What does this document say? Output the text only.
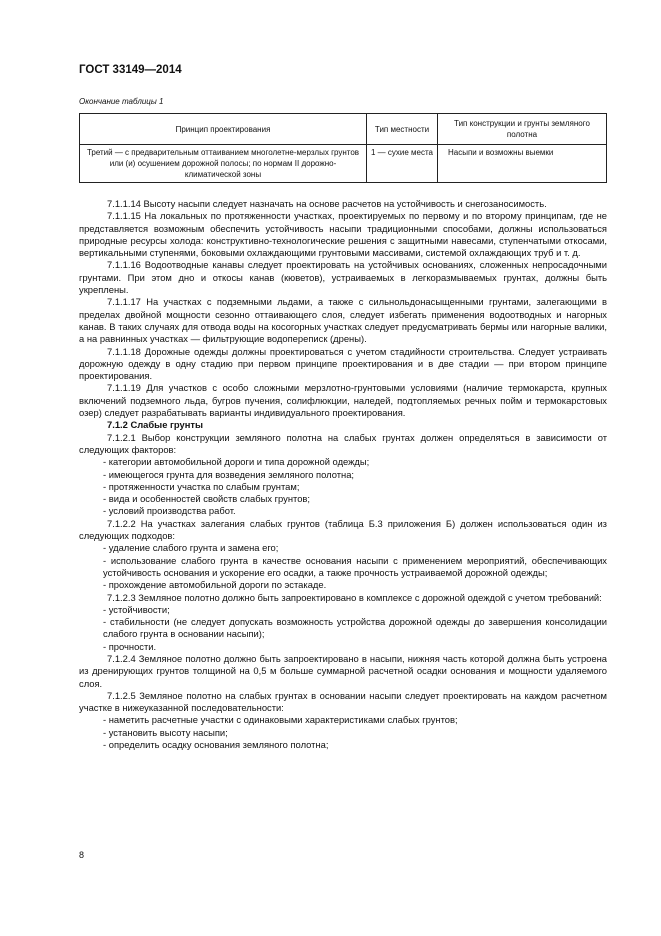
ГОСТ 33149—2014

Окончание таблицы 1

Принцип проектирования	Тип местности	Тип конструкции и грунты земляного полотна
Третий — с предварительным оттаиванием многолетне-мерзлых грунтов или (и) осушением дорожной полосы; по нормам II дорожно-климатической зоны	1 — сухие места	Насыпи и возможны выемки

7.1.1.14 Высоту насыпи следует назначать на основе расчетов на устойчивость и снегозаносимость.

7.1.1.15 На локальных по протяженности участках, проектируемых по первому и по второму принципам, где не представляется возможным обеспечить устойчивость насыпи традиционными способами, должны использоваться природные ресурсы холода: конструктивно-технологические решения с защитными навесами, ступенчатыми откосами, вертикальными ступенями, боковыми охлаждающими грунтовыми массивами, системой охлаждающих труб и т. д.

7.1.1.16 Водоотводные канавы следует проектировать на устойчивых основаниях, сложенных непросадочными грунтами. При этом дно и откосы канав (кюветов), устраиваемых в легкоразмываемых грунтах, должны быть укреплены.

7.1.1.17 На участках с подземными льдами, а также с сильнольдонасыщенными грунтами, залегающими в пределах двойной мощности сезонно оттаивающего слоя, следует избегать применения водоотводных и нагорных канав. В таких случаях для отвода воды на косогорных участках следует предусматривать бермы или нагорные валики, а на равнинных участках — фильтрующие водопереписк (дрены).

7.1.1.18 Дорожные одежды должны проектироваться с учетом стадийности строительства. Следует устраивать дорожную одежду в одну стадию при первом принципе проектирования и в две стадии — при втором принципе проектирования.

7.1.1.19 Для участков с особо сложными мерзлотно-грунтовыми условиями (наличие термокарста, крупных включений подземного льда, бугров пучения, солифлюкции, наледей, подтопляемых речных пойм и термокарстовых озер) следует разрабатывать варианты индивидуального проектирования.

7.1.2 Слабые грунты

7.1.2.1 Выбор конструкции земляного полотна на слабых грунтах должен определяться в зависимости от следующих факторов:

- категории автомобильной дороги и типа дорожной одежды;

- имеющегося грунта для возведения земляного полотна;

- протяженности участка по слабым грунтам;

- вида и особенностей свойств слабых грунтов;

- условий производства работ.

7.1.2.2 На участках залегания слабых грунтов (таблица Б.3 приложения Б) должен использоваться один из следующих подходов:

- удаление слабого грунта и замена его;

- использование слабого грунта в качестве основания насыпи с применением мероприятий, обеспечивающих устойчивость основания и ускорение его осадки, а также прочность устраиваемой дорожной одежды;

- прохождение автомобильной дороги по эстакаде.

7.1.2.3 Земляное полотно должно быть запроектировано в комплексе с дорожной одеждой с учетом требований:

- устойчивости;

- стабильности (не следует допускать возможность устройства дорожной одежды до завершения консолидации слабого грунта в основании насыпи);

- прочности.

7.1.2.4 Земляное полотно должно быть запроектировано в насыпи, нижняя часть которой должна быть устроена из дренирующих грунтов толщиной на 0,5 м больше суммарной расчетной осадки основания и мощности удаляемого слоя.

7.1.2.5 Земляное полотно на слабых грунтах в основании насыпи следует проектировать на каждом расчетном участке в нижеуказанной последовательности:

- наметить расчетные участки с одинаковыми характеристиками слабых грунтов;

- установить высоту насыпи;

- определить осадку основания земляного полотна;

8
